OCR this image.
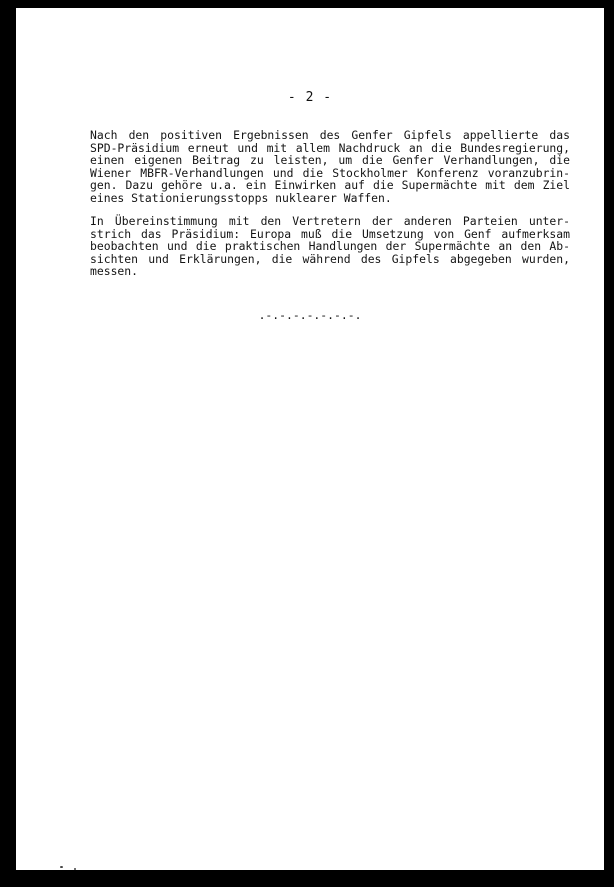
- 2 -
Nach den positiven Ergebnissen des Genfer Gipfels appellierte das
SPD-Präsidium erneut und mit allem Nachdruck an die Bundesregierung,
einen eigenen Beitrag zu leisten, um die Genfer Verhandlungen, die
Wiener MBFR-Verhandlungen und die Stockholmer Konferenz voranzubrin-
gen. Dazu gehöre u.a. ein Einwirken auf die Supermächte mit dem Ziel
eines Stationierungsstopps nuklearer Waffen.
In Übereinstimmung mit den Vertretern der anderen Parteien unter-
strich das Präsidium: Europa muß die Umsetzung von Genf aufmerksam
beobachten und die praktischen Handlungen der Supermächte an den Ab-
sichten und Erklärungen, die während des Gipfels abgegeben wurden,
messen.
.-.-.-.-.-.-.-.
